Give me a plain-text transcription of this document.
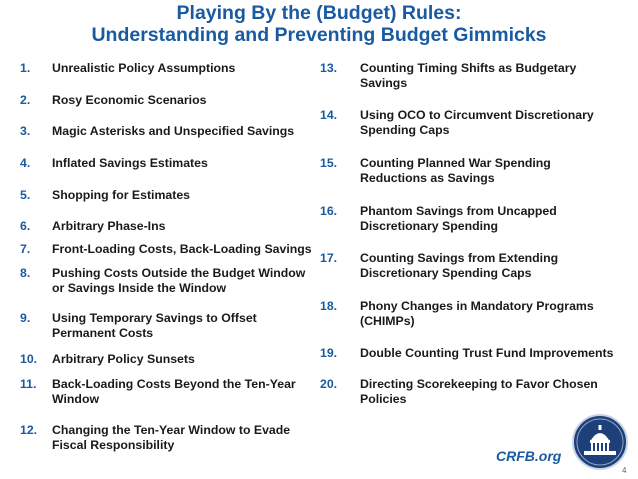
Playing By the (Budget) Rules:
Understanding and Preventing Budget Gimmicks
1. Unrealistic Policy Assumptions
2. Rosy Economic Scenarios
3. Magic Asterisks and Unspecified Savings
4. Inflated Savings Estimates
5. Shopping for Estimates
6. Arbitrary Phase-Ins
7. Front-Loading Costs, Back-Loading Savings
8. Pushing Costs Outside the Budget Window
or Savings Inside the Window
9. Using Temporary Savings to Offset
Permanent Costs
10. Arbitrary Policy Sunsets
11. Back-Loading Costs Beyond the Ten-Year
Window
12. Changing the Ten-Year Window to Evade
Fiscal Responsibility
13. Counting Timing Shifts as Budgetary
Savings
14. Using OCO to Circumvent Discretionary
Spending Caps
15. Counting Planned War Spending
Reductions as Savings
16. Phantom Savings from Uncapped
Discretionary Spending
17. Counting Savings from Extending
Discretionary Spending Caps
18. Phony Changes in Mandatory Programs
(CHIMPs)
19. Double Counting Trust Fund Improvements
20. Directing Scorekeeping to Favor Chosen
Policies
CRFB.org
4
